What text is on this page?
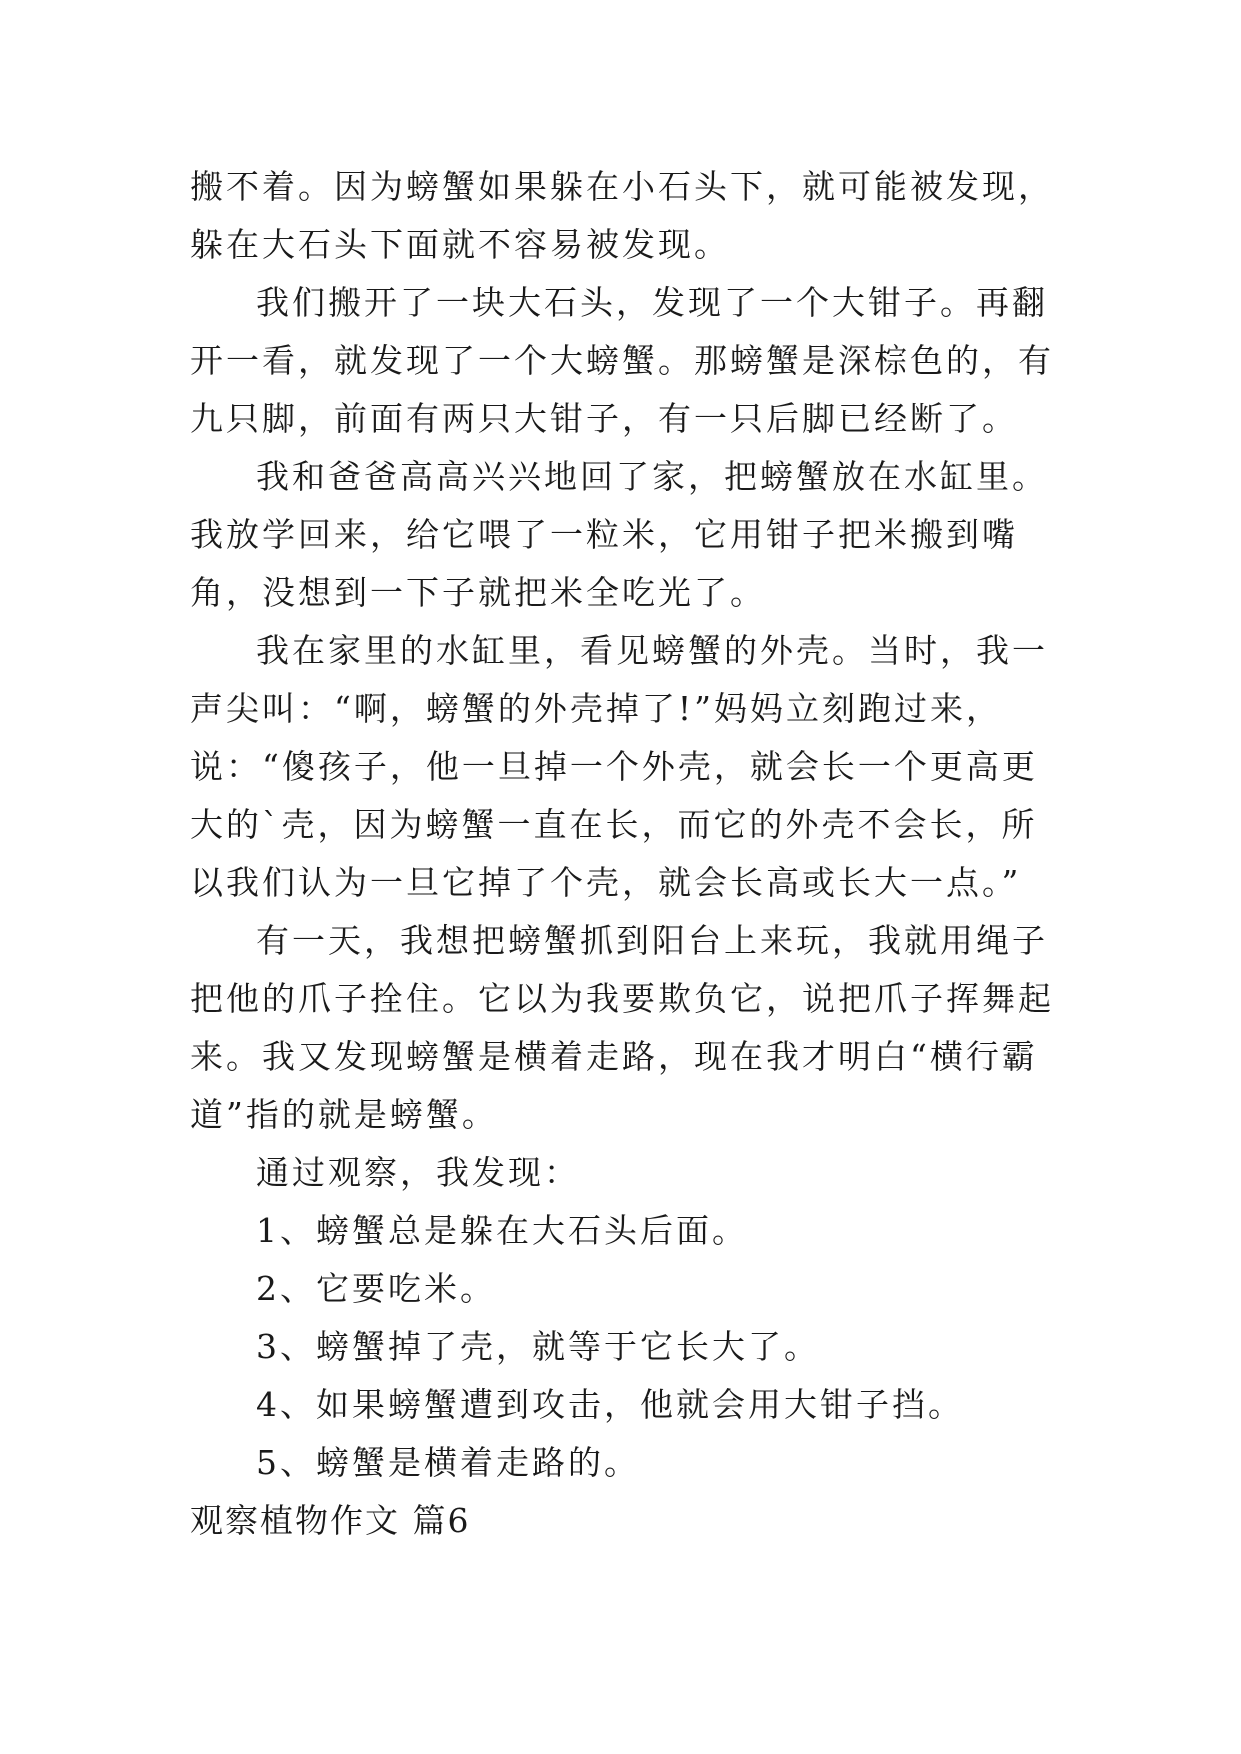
搬不着。因为螃蟹如果躲在小石头下，就可能被发现，躲在大石头下面就不容易被发现。

我们搬开了一块大石头，发现了一个大钳子。再翻开一看，就发现了一个大螃蟹。那螃蟹是深棕色的，有九只脚，前面有两只大钳子，有一只后脚已经断了。

我和爸爸高高兴兴地回了家，把螃蟹放在水缸里。我放学回来，给它喂了一粒米，它用钳子把米搬到嘴角，没想到一下子就把米全吃光了。

我在家里的水缸里，看见螃蟹的外壳。当时，我一声尖叫：“啊，螃蟹的外壳掉了!”妈妈立刻跑过来，说：“傻孩子，他一旦掉一个外壳，就会长一个更高更大的`壳，因为螃蟹一直在长，而它的外壳不会长，所以我们认为一旦它掉了个壳，就会长高或长大一点。”

有一天，我想把螃蟹抓到阳台上来玩，我就用绳子把他的爪子拴住。它以为我要欺负它，说把爪子挥舞起来。我又发现螃蟹是横着走路，现在我才明白“横行霸道”指的就是螃蟹。

通过观察，我发现：

1、螃蟹总是躲在大石头后面。

2、它要吃米。

3、螃蟹掉了壳，就等于它长大了。

4、如果螃蟹遭到攻击，他就会用大钳子挡。

5、螃蟹是横着走路的。

观察植物作文 篇6
